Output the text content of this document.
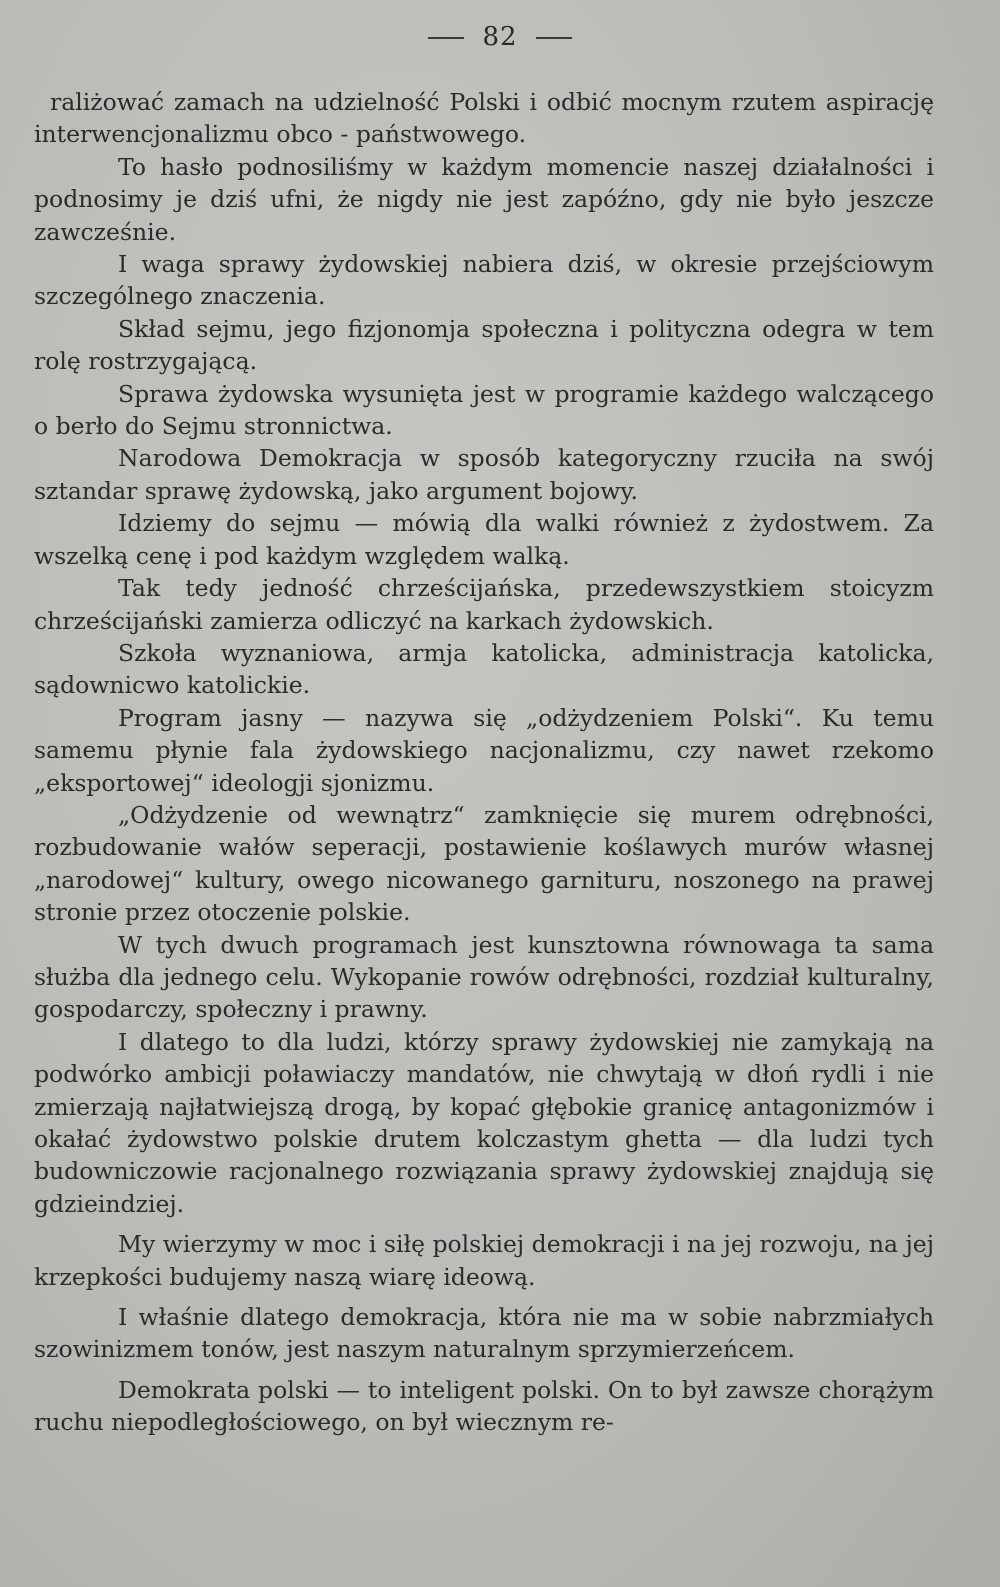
82

raliżować zamach na udzielność Polski i odbić mocnym rzutem aspirację interwencjonalizmu obco - państwowego.

To hasło podnosiliśmy w każdym momencie naszej działalności i podnosimy je dziś ufni, że nigdy nie jest zapóźno, gdy nie było jeszcze zawcześnie.

I waga sprawy żydowskiej nabiera dziś, w okresie przejściowym szczególnego znaczenia.

Skład sejmu, jego fizjonomja społeczna i polityczna odegra w tem rolę rostrzygającą.

Sprawa żydowska wysunięta jest w programie każdego walczącego o berło do Sejmu stronnictwa.

Narodowa Demokracja w sposób kategoryczny rzuciła na swój sztandar sprawę żydowską, jako argument bojowy.

Idziemy do sejmu — mówią dla walki również z żydostwem. Za wszelką cenę i pod każdym względem walką.

Tak tedy jedność chrześcijańska, przedewszystkiem stoicyzm chrześcijański zamierza odliczyć na karkach żydowskich.

Szkoła wyznaniowa, armja katolicka, administracja katolicka, sądownicwo katolickie.

Program jasny — nazywa się „odżydzeniem Polski“. Ku temu samemu płynie fala żydowskiego nacjonalizmu, czy nawet rzekomo „eksportowej“ ideologji sjonizmu.

„Odżydzenie od wewnątrz“ zamknięcie się murem odrębności, rozbudowanie wałów seperacji, postawienie koślawych murów własnej „narodowej“ kultury, owego nicowanego garnituru, noszonego na prawej stronie przez otoczenie polskie.

W tych dwuch programach jest kunsztowna równowaga ta sama służba dla jednego celu. Wykopanie rowów odrębności, rozdział kulturalny, gospodarczy, społeczny i prawny.

I dlatego to dla ludzi, którzy sprawy żydowskiej nie zamykają na podwórko ambicji poławiaczy mandatów, nie chwytają w dłoń rydli i nie zmierzają najłatwiejszą drogą, by kopać głębokie granicę antagonizmów i okałać żydowstwo polskie drutem kolczastym ghetta — dla ludzi tych budowniczowie racjonalnego rozwiązania sprawy żydowskiej znajdują się gdzieindziej.

My wierzymy w moc i siłę polskiej demokracji i na jej rozwoju, na jej krzepkości budujemy naszą wiarę ideową.

I właśnie dlatego demokracja, która nie ma w sobie nabrzmiałych szowinizmem tonów, jest naszym naturalnym sprzymierzeńcem.

Demokrata polski — to inteligent polski. On to był zawsze chorążym ruchu niepodległościowego, on był wiecznym re-
